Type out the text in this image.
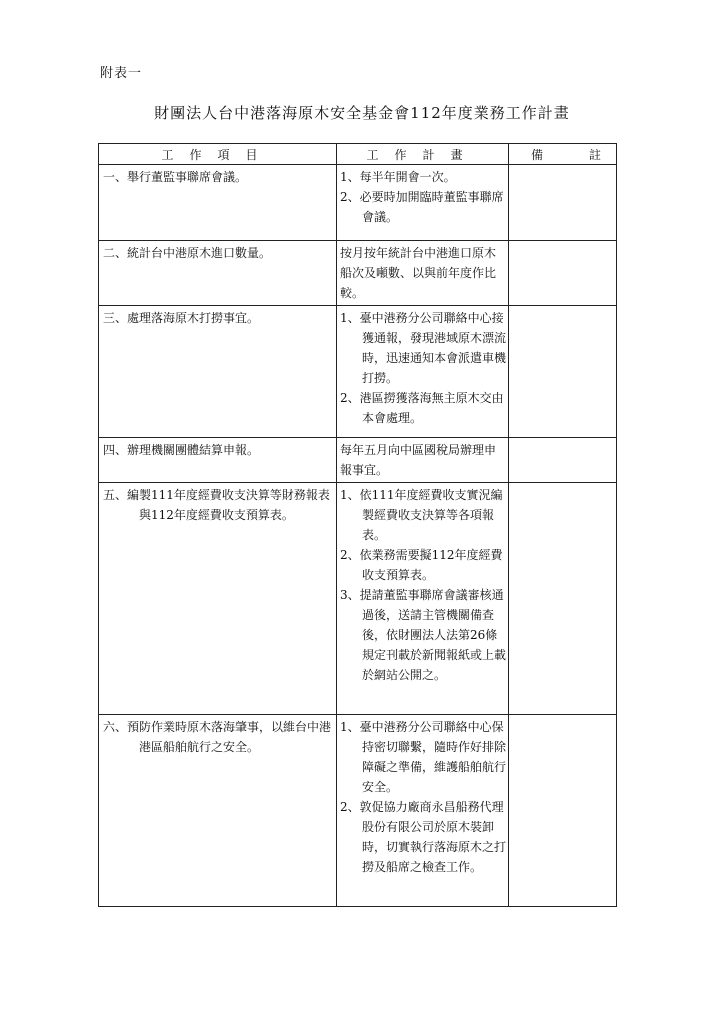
附表一
財團法人台中港落海原木安全基金會112年度業務工作計畫
工作項目	工作計畫	備 註

一、舉行董監事聯席會議。	1、每半年開會一次。
2、必要時加開臨時董監事聯席會議。	

二、統計台中港原木進口數量。	按月按年統計台中港進口原木船次及噸數、以與前年度作比較。	

三、處理落海原木打撈事宜。	1、臺中港務分公司聯絡中心接獲通報，發現港域原木漂流時，迅速通知本會派遣車機打撈。
2、港區撈獲落海無主原木交由本會處理。	

四、辦理機關團體結算申報。	每年五月向中區國稅局辦理申報事宜。	

五、編製111年度經費收支決算等財務報表與112年度經費收支預算表。	1、依111年度經費收支實況編製經費收支決算等各項報表。
2、依業務需要擬112年度經費收支預算表。
3、提請董監事聯席會議審核通過後，送請主管機關備查後，依財團法人法第26條規定刊載於新聞報紙或上載於網站公開之。	

六、預防作業時原木落海肇事，以維台中港港區船舶航行之安全。	1、臺中港務分公司聯絡中心保持密切聯繫，隨時作好排除障礙之準備，維護船舶航行安全。
2、敦促協力廠商永昌船務代理股份有限公司於原木裝卸時，切實執行落海原木之打撈及船席之檢查工作。	
